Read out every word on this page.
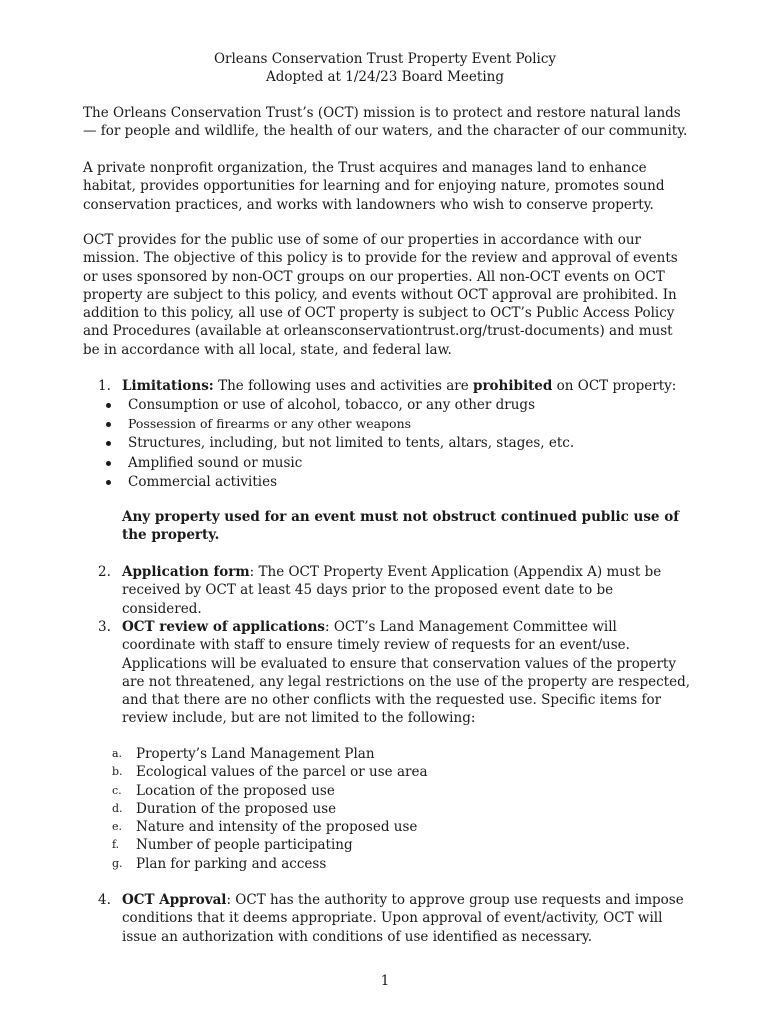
Orleans Conservation Trust Property Event Policy

Adopted at 1/24/23 Board Meeting

The Orleans Conservation Trust’s (OCT) mission is to protect and restore natural lands — for people and wildlife, the health of our waters, and the character of our community.

A private nonprofit organization, the Trust acquires and manages land to enhance habitat, provides opportunities for learning and for enjoying nature, promotes sound conservation practices, and works with landowners who wish to conserve property.

OCT provides for the public use of some of our properties in accordance with our mission. The objective of this policy is to provide for the review and approval of events or uses sponsored by non-OCT groups on our properties. All non-OCT events on OCT property are subject to this policy, and events without OCT approval are prohibited. In addition to this policy, all use of OCT property is subject to OCT’s Public Access Policy and Procedures (available at orleansconservationtrust.org/trust-documents) and must be in accordance with all local, state, and federal law.

1. Limitations: The following uses and activities are prohibited on OCT property:
Consumption or use of alcohol, tobacco, or any other drugs
Possession of firearms or any other weapons
Structures, including, but not limited to tents, altars, stages, etc.
Amplified sound or music
Commercial activities

Any property used for an event must not obstruct continued public use of the property.

2. Application form: The OCT Property Event Application (Appendix A) must be received by OCT at least 45 days prior to the proposed event date to be considered.
3. OCT review of applications: OCT’s Land Management Committee will coordinate with staff to ensure timely review of requests for an event/use. Applications will be evaluated to ensure that conservation values of the property are not threatened, any legal restrictions on the use of the property are respected, and that there are no other conflicts with the requested use. Specific items for review include, but are not limited to the following:
a. Property’s Land Management Plan
b. Ecological values of the parcel or use area
c. Location of the proposed use
d. Duration of the proposed use
e. Nature and intensity of the proposed use
f. Number of people participating
g. Plan for parking and access
4. OCT Approval: OCT has the authority to approve group use requests and impose conditions that it deems appropriate. Upon approval of event/activity, OCT will issue an authorization with conditions of use identified as necessary.
1
